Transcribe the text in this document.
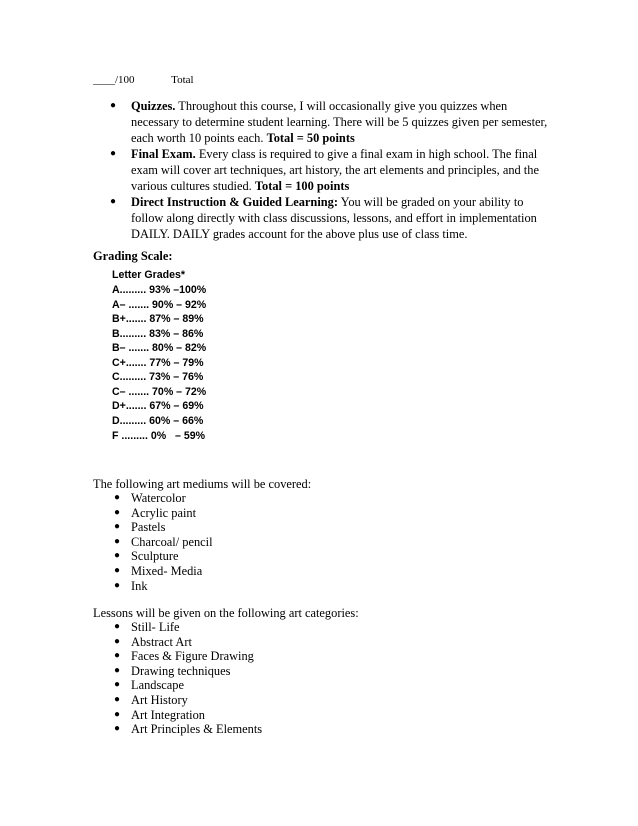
____/100	Total
● Quizzes. Throughout this course, I will occasionally give you quizzes when necessary to determine student learning. There will be 5 quizzes given per semester, each worth 10 points each. Total = 50 points
● Final Exam. Every class is required to give a final exam in high school. The final exam will cover art techniques, art history, the art elements and principles, and the various cultures studied. Total = 100 points
● Direct Instruction & Guided Learning: You will be graded on your ability to follow along directly with class discussions, lessons, and effort in implementation DAILY. DAILY grades account for the above plus use of class time.
Grading Scale:
Letter Grades*
A......... 93% –100%
A– ....... 90% – 92%
B+....... 87% – 89%
B......... 83% – 86%
B– ....... 80% – 82%
C+....... 77% – 79%
C......... 73% – 76%
C– ....... 70% – 72%
D+....... 67% – 69%
D......... 60% – 66%
F ......... 0%   – 59%
The following art mediums will be covered:
● Watercolor
● Acrylic paint
● Pastels
● Charcoal/ pencil
● Sculpture
● Mixed- Media
● Ink
Lessons will be given on the following art categories:
● Still- Life
● Abstract Art
● Faces & Figure Drawing
● Drawing techniques
● Landscape
● Art History
● Art Integration
● Art Principles & Elements
